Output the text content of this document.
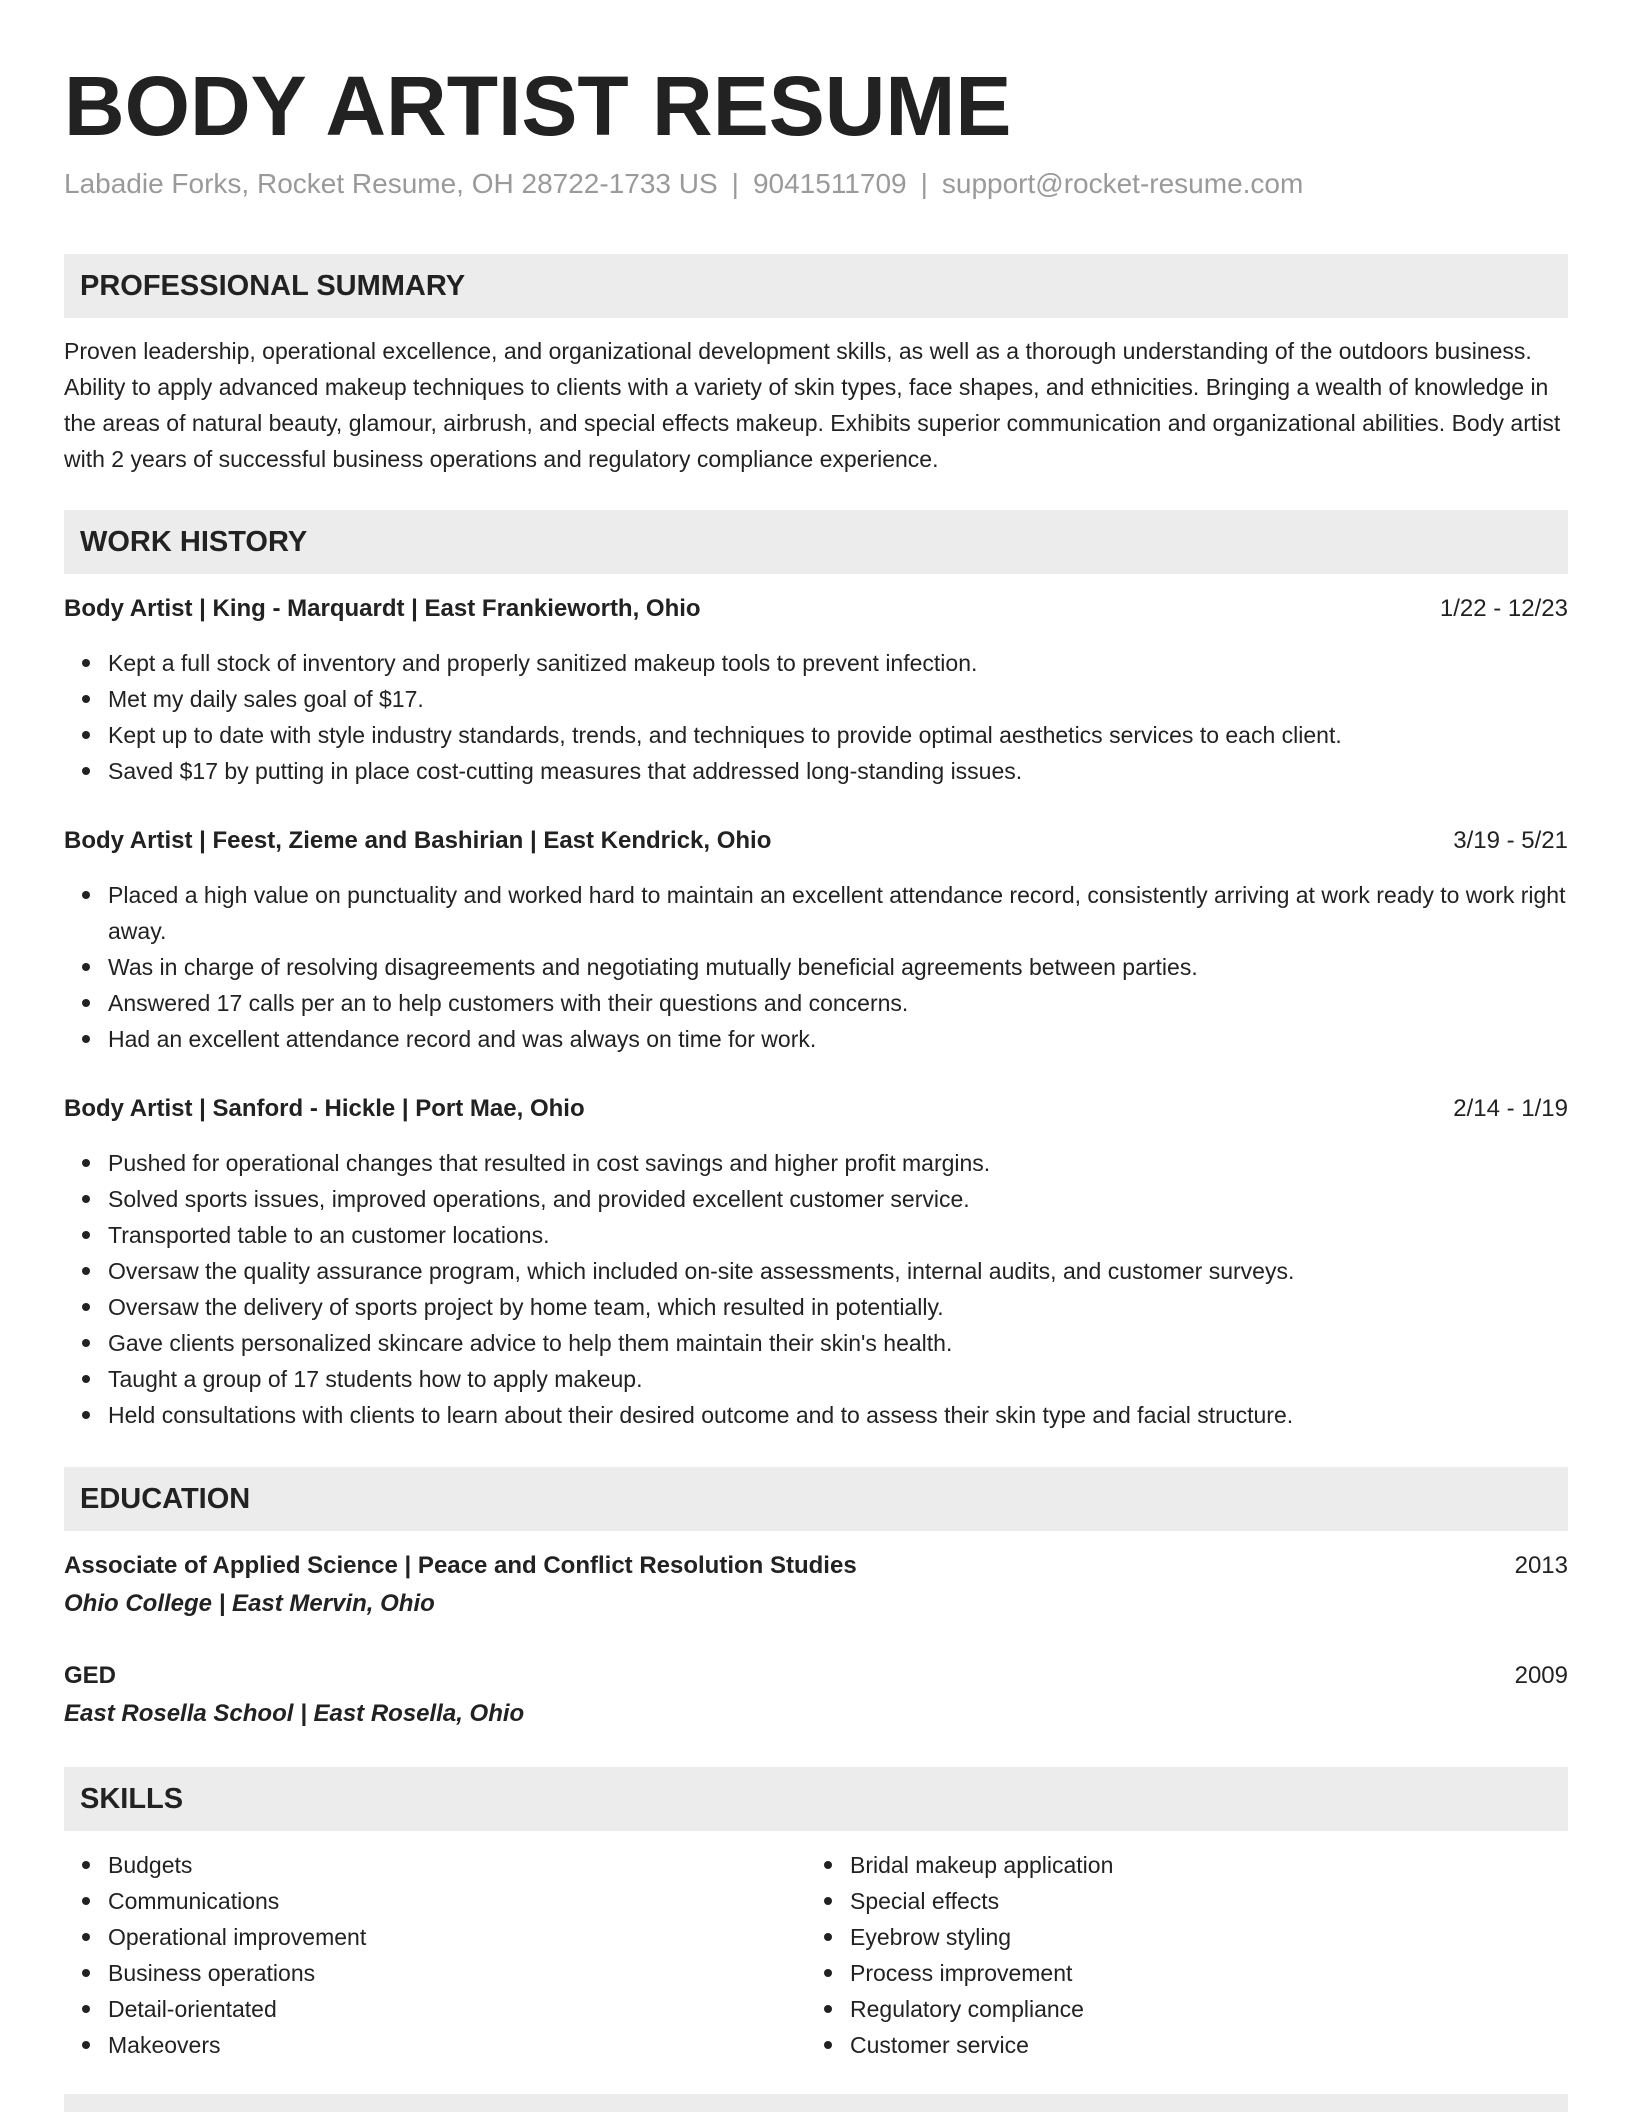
BODY ARTIST RESUME
Labadie Forks, Rocket Resume, OH 28722-1733 US | 9041511709 | support@rocket-resume.com
PROFESSIONAL SUMMARY

Proven leadership, operational excellence, and organizational development skills, as well as a thorough understanding of the outdoors business. Ability to apply advanced makeup techniques to clients with a variety of skin types, face shapes, and ethnicities. Bringing a wealth of knowledge in the areas of natural beauty, glamour, airbrush, and special effects makeup. Exhibits superior communication and organizational abilities. Body artist with 2 years of successful business operations and regulatory compliance experience.

WORK HISTORY
Body Artist | King - Marquardt | East Frankieworth, Ohio	1/22 - 12/23
Kept a full stock of inventory and properly sanitized makeup tools to prevent infection.
Met my daily sales goal of $17.
Kept up to date with style industry standards, trends, and techniques to provide optimal aesthetics services to each client.
Saved $17 by putting in place cost-cutting measures that addressed long-standing issues.
Body Artist | Feest, Zieme and Bashirian | East Kendrick, Ohio	3/19 - 5/21
Placed a high value on punctuality and worked hard to maintain an excellent attendance record, consistently arriving at work ready to work right away.
Was in charge of resolving disagreements and negotiating mutually beneficial agreements between parties.
Answered 17 calls per an to help customers with their questions and concerns.
Had an excellent attendance record and was always on time for work.
Body Artist | Sanford - Hickle | Port Mae, Ohio	2/14 - 1/19
Pushed for operational changes that resulted in cost savings and higher profit margins.
Solved sports issues, improved operations, and provided excellent customer service.
Transported table to an customer locations.
Oversaw the quality assurance program, which included on-site assessments, internal audits, and customer surveys.
Oversaw the delivery of sports project by home team, which resulted in potentially.
Gave clients personalized skincare advice to help them maintain their skin's health.
Taught a group of 17 students how to apply makeup.
Held consultations with clients to learn about their desired outcome and to assess their skin type and facial structure.
EDUCATION
Associate of Applied Science | Peace and Conflict Resolution Studies	2013
Ohio College | East Mervin, Ohio
GED	2009
East Rosella School | East Rosella, Ohio
SKILLS
Budgets
Communications
Operational improvement
Business operations
Detail-orientated
Makeovers
Bridal makeup application
Special effects
Eyebrow styling
Process improvement
Regulatory compliance
Customer service
